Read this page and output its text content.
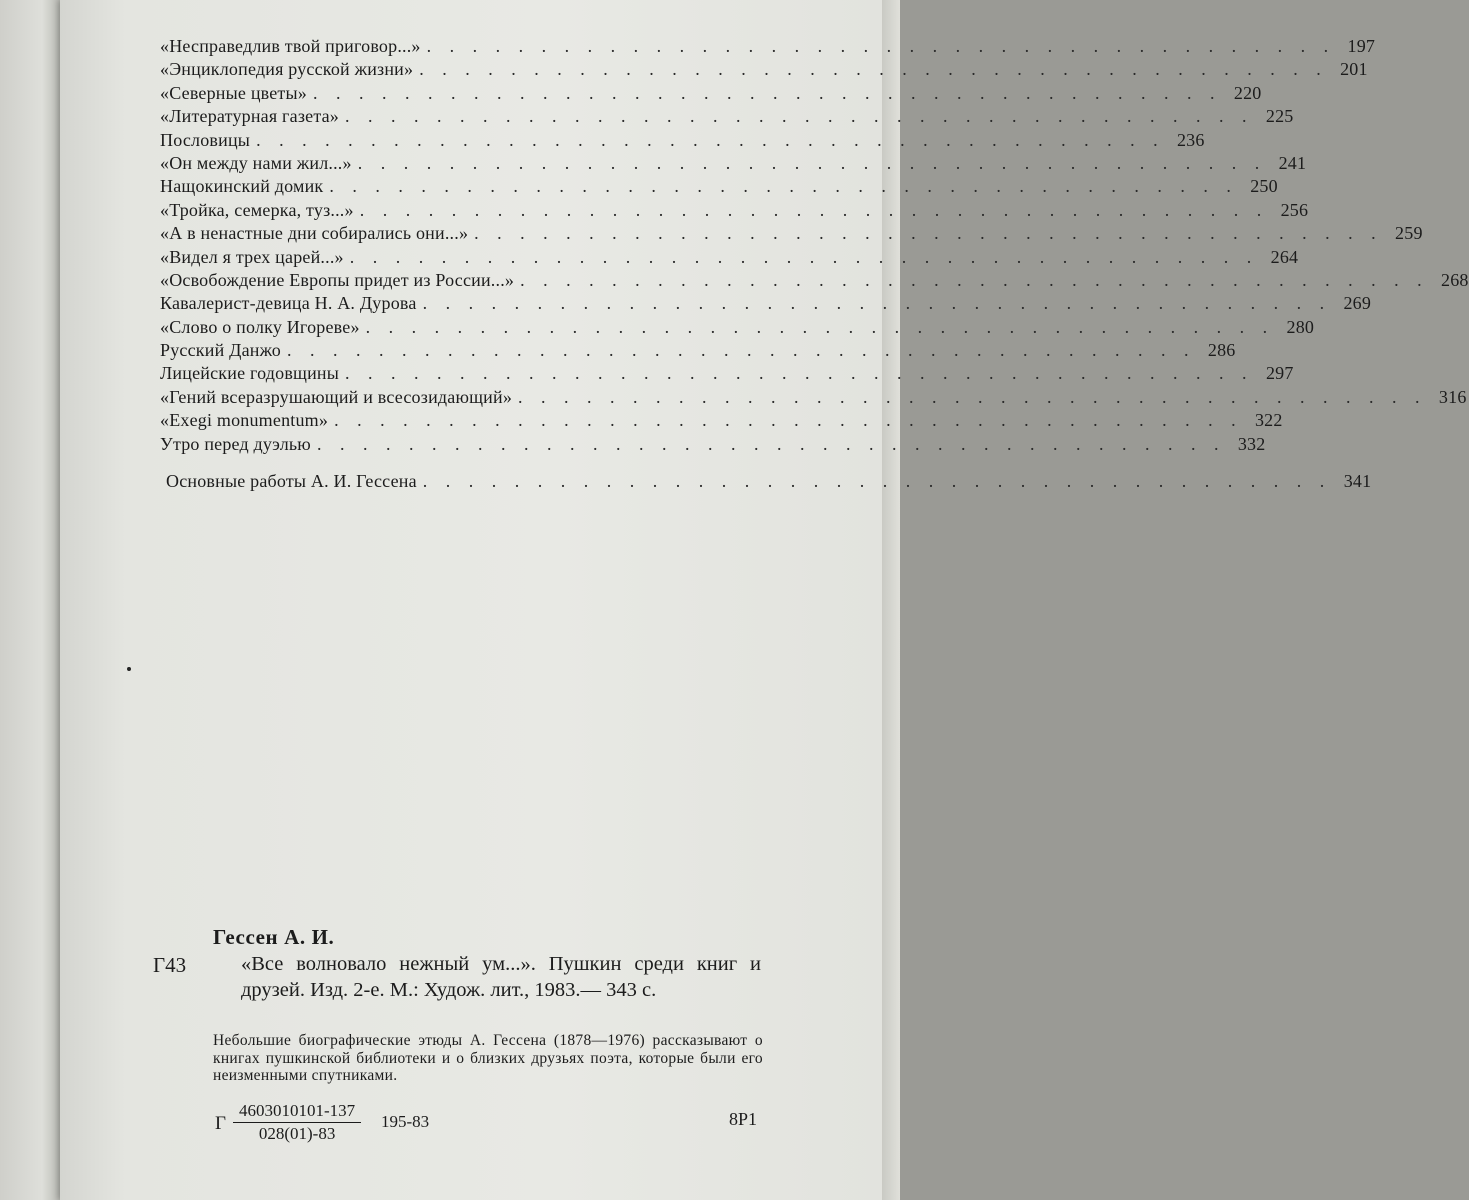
«Несправедлив твой приговор...» . . . . . . . . . . . . . . . . . . . . . . . . . . . . . . . . . . . . . . . . 197
«Энциклопедия русской жизни» . . . . . . . . . . . . . . . . . . . . . . . . . . . . . . . . . . . . . . . . 201
«Северные цветы» . . . . . . . . . . . . . . . . . . . . . . . . . . . . . . . . . . . . . . . . 220
«Литературная газета» . . . . . . . . . . . . . . . . . . . . . . . . . . . . . . . . . . . . . . . . 225
Пословицы . . . . . . . . . . . . . . . . . . . . . . . . . . . . . . . . . . . . . . . . 236
«Он между нами жил...» . . . . . . . . . . . . . . . . . . . . . . . . . . . . . . . . . . . . . . . . 241
Нащокинский домик . . . . . . . . . . . . . . . . . . . . . . . . . . . . . . . . . . . . . . . . 250
«Тройка, семерка, туз...» . . . . . . . . . . . . . . . . . . . . . . . . . . . . . . . . . . . . . . . . 256
«А в ненастные дни собирались они...» . . . . . . . . . . . . . . . . . . . . . . . . . . . . . . . . . . . . . . . . 259
«Видел я трех царей...» . . . . . . . . . . . . . . . . . . . . . . . . . . . . . . . . . . . . . . . . 264
«Освобождение Европы придет из России...» . . . . . . . . . . . . . . . . . . . . . . . . . . . . . . . . . . . . . . . . 268
Кавалерист-девица Н. А. Дурова . . . . . . . . . . . . . . . . . . . . . . . . . . . . . . . . . . . . . . . . 269
«Слово о полку Игореве» . . . . . . . . . . . . . . . . . . . . . . . . . . . . . . . . . . . . . . . . 280
Русский Данжо . . . . . . . . . . . . . . . . . . . . . . . . . . . . . . . . . . . . . . . . 286
Лицейские годовщины . . . . . . . . . . . . . . . . . . . . . . . . . . . . . . . . . . . . . . . . 297
«Гений всеразрушающий и всесозидающий» . . . . . . . . . . . . . . . . . . . . . . . . . . . . . . . . . . . . . . . . 316
«Exegi monumentum» . . . . . . . . . . . . . . . . . . . . . . . . . . . . . . . . . . . . . . . . 322
Утро перед дуэлью . . . . . . . . . . . . . . . . . . . . . . . . . . . . . . . . . . . . . . . . 332
Основные работы А. И. Гессена . . . . . . . . . . . . . . . . . . . . . . . . . . . . . . . . . . . . . . . . 341
Гессен А. И.
Г43	«Все волновало нежный ум...». Пушкин среди книг и друзей. Изд. 2-е. М.: Худож. лит., 1983.— 343 с.
Небольшие биографические этюды А. Гессена (1878—1976) рассказывают о книгах пушкинской библиотеки и о близких друзьях поэта, которые были его неизменными спутниками.
Г $\frac{4603010101-137}{028(01)-83} 195-83$	8Р1
